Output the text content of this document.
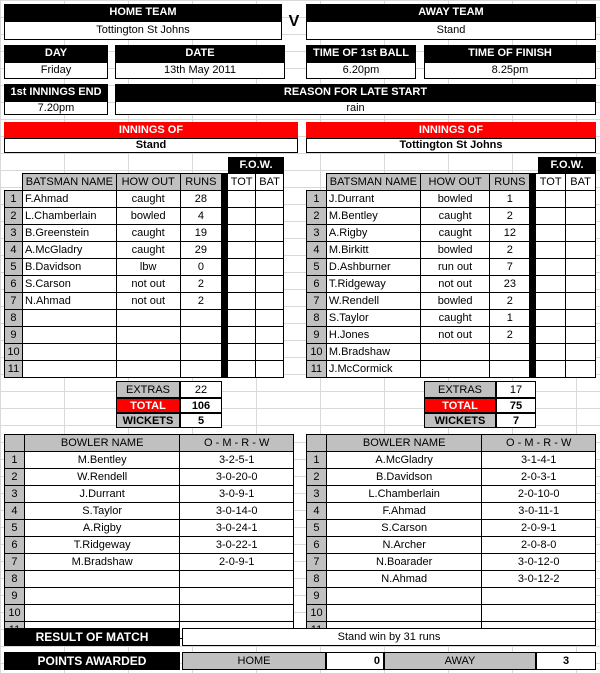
HOME TEAM
Tottington St Johns	V
AWAY TEAM
Stand
DAY
Friday
DATE
13th May 2011
TIME OF 1st BALL
6.20pm
TIME OF FINISH
8.25pm
1st INNINGS END
7.20pm
REASON FOR LATE START
rain
INNINGS OF
Stand
INNINGS OF
Tottington St Johns
F.O.W.	F.O.W.
	BATSMAN NAME	HOW OUT	RUNS		TOT	BAT
1	F.Ahmad	caught	28			
2	L.Chamberlain	bowled	4			
3	B.Greenstein	caught	19			
4	A.McGladry	caught	29			
5	B.Davidson	lbw	0			
6	S.Carson	not out	2			
7	N.Ahmad	not out	2			
8						
9						
10						
11						
	BATSMAN NAME	HOW OUT	RUNS		TOT	BAT
1	J.Durrant	bowled	1			
2	M.Bentley	caught	2			
3	A.Rigby	caught	12			
4	M.Birkitt	bowled	2			
5	D.Ashburner	run out	7			
6	T.Ridgeway	not out	23			
7	W.Rendell	bowled	2			
8	S.Taylor	caught	1			
9	H.Jones	not out	2			
10	M.Bradshaw					
11	J.McCormick					
EXTRAS	22
TOTAL	106
WICKETS	5
EXTRAS	17
TOTAL	75
WICKETS	7
	BOWLER NAME	O - M - R - W
1	M.Bentley	3-2-5-1
2	W.Rendell	3-0-20-0
3	J.Durrant	3-0-9-1
4	S.Taylor	3-0-14-0
5	A.Rigby	3-0-24-1
6	T.Ridgeway	3-0-22-1
7	M.Bradshaw	2-0-9-1
8		
9		
10		

	BOWLER NAME	O - M - R - W
1	A.McGladry	3-1-4-1
2	B.Davidson	2-0-3-1
3	L.Chamberlain	2-0-10-0
4	F.Ahmad	3-0-11-1
5	S.Carson	2-0-9-1
6	N.Archer	2-0-8-0
7	N.Boarader	3-0-12-0
8	N.Ahmad	3-0-12-2
9		
10		

RESULT OF MATCH	Stand win by 31 runs
POINTS AWARDED	HOME	0	AWAY	3
